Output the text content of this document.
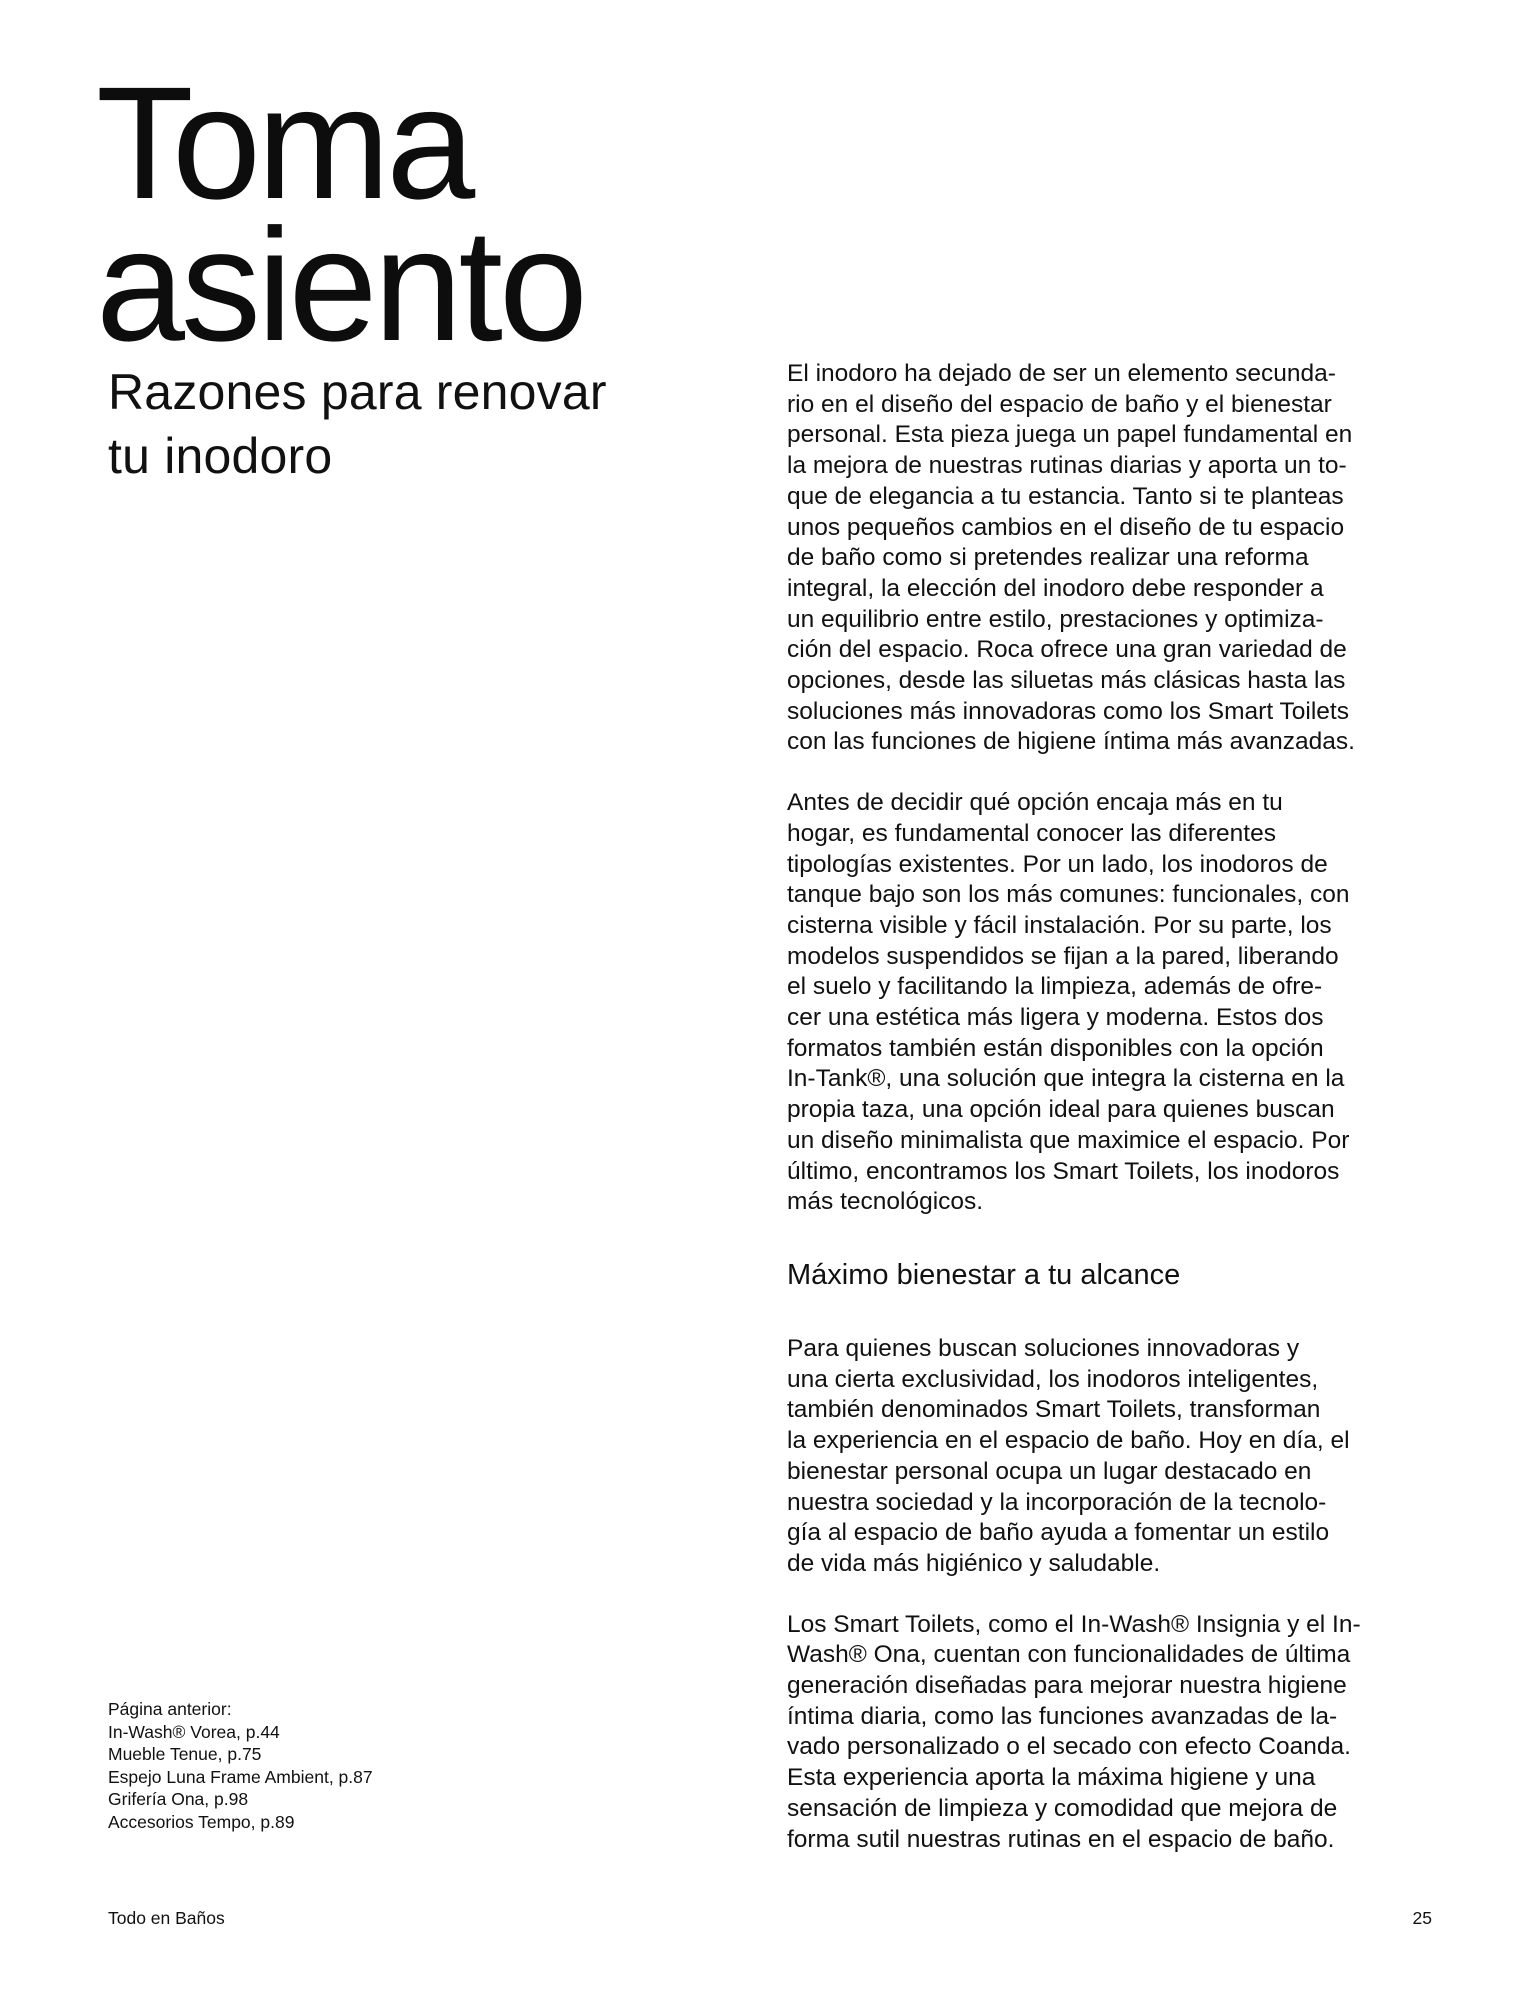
Toma
asiento
Razones para renovar
tu inodoro

El inodoro ha dejado de ser un elemento secunda-
rio en el diseño del espacio de baño y el bienestar
personal. Esta pieza juega un papel fundamental en
la mejora de nuestras rutinas diarias y aporta un to-
que de elegancia a tu estancia. Tanto si te planteas
unos pequeños cambios en el diseño de tu espacio
de baño como si pretendes realizar una reforma
integral, la elección del inodoro debe responder a
un equilibrio entre estilo, prestaciones y optimiza-
ción del espacio. Roca ofrece una gran variedad de
opciones, desde las siluetas más clásicas hasta las
soluciones más innovadoras como los Smart Toilets
con las funciones de higiene íntima más avanzadas.

Antes de decidir qué opción encaja más en tu
hogar, es fundamental conocer las diferentes
tipologías existentes. Por un lado, los inodoros de
tanque bajo son los más comunes: funcionales, con
cisterna visible y fácil instalación. Por su parte, los
modelos suspendidos se fijan a la pared, liberando
el suelo y facilitando la limpieza, además de ofre-
cer una estética más ligera y moderna. Estos dos
formatos también están disponibles con la opción
In-Tank®, una solución que integra la cisterna en la
propia taza, una opción ideal para quienes buscan
un diseño minimalista que maximice el espacio. Por
último, encontramos los Smart Toilets, los inodoros
más tecnológicos.

Máximo bienestar a tu alcance

Para quienes buscan soluciones innovadoras y
una cierta exclusividad, los inodoros inteligentes,
también denominados Smart Toilets, transforman
la experiencia en el espacio de baño. Hoy en día, el
bienestar personal ocupa un lugar destacado en
nuestra sociedad y la incorporación de la tecnolo-
gía al espacio de baño ayuda a fomentar un estilo
de vida más higiénico y saludable.

Los Smart Toilets, como el In-Wash® Insignia y el In-
Wash® Ona, cuentan con funcionalidades de última
generación diseñadas para mejorar nuestra higiene
íntima diaria, como las funciones avanzadas de la-
vado personalizado o el secado con efecto Coanda.
Esta experiencia aporta la máxima higiene y una
sensación de limpieza y comodidad que mejora de
forma sutil nuestras rutinas en el espacio de baño.

Página anterior:
In-Wash® Vorea, p.44
Mueble Tenue, p.75
Espejo Luna Frame Ambient, p.87
Grifería Ona, p.98
Accesorios Tempo, p.89
Todo en Baños	25
